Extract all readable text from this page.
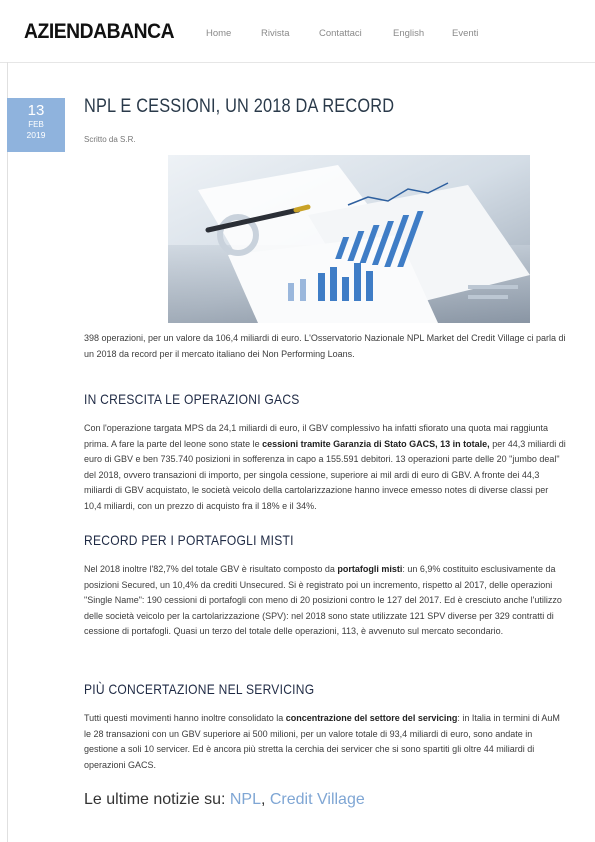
AZIENDABANCA	Home	Rivista	Contattaci	English	Eventi
13
FEB
2019
NPL E CESSIONI, UN 2018 DA RECORD
Scritto da S.R.

398 operazioni, per un valore da 106,4 miliardi di euro. L'Osservatorio Nazionale NPL Market del Credit Village ci parla di un 2018 da record per il mercato italiano dei Non Performing Loans.

IN CRESCITA LE OPERAZIONI GACS

Con l'operazione targata MPS da 24,1 miliardi di euro, il GBV complessivo ha infatti sfiorato una quota mai raggiunta prima. A fare la parte del leone sono state le cessioni tramite Garanzia di Stato GACS, 13 in totale, per 44,3 miliardi di euro di GBV e ben 735.740 posizioni in sofferenza in capo a 155.591 debitori. 13 operazioni parte delle 20 "jumbo deal" del 2018, ovvero transazioni di importo, per singola cessione, superiore ai mil ardi di euro di GBV. A fronte dei 44,3 miliardi di GBV acquistato, le società veicolo della cartolarizzazione hanno invece emesso notes di diverse classi per 10,4 miliardi, con un prezzo di acquisto fra il 18% e il 34%.

RECORD PER I PORTAFOGLI MISTI

Nel 2018 inoltre l'82,7% del totale GBV è risultato composto da portafogli misti: un 6,9% costituito esclusivamente da posizioni Secured, un 10,4% da crediti Unsecured. Si è registrato poi un incremento, rispetto al 2017, delle operazioni "Single Name": 190 cessioni di portafogli con meno di 20 posizioni contro le 127 del 2017. Ed è cresciuto anche l'utilizzo delle società veicolo per la cartolarizzazione (SPV): nel 2018 sono state utilizzate 121 SPV diverse per 329 contratti di cessione di portafogli. Quasi un terzo del totale delle operazioni, 113, è avvenuto sul mercato secondario.

PIÙ CONCERTAZIONE NEL SERVICING

Tutti questi movimenti hanno inoltre consolidato la concentrazione del settore del servicing: in Italia in termini di AuM le 28 transazioni con un GBV superiore ai 500 milioni, per un valore totale di 93,4 miliardi di euro, sono andate in gestione a soli 10 servicer. Ed è ancora più stretta la cerchia dei servicer che si sono spartiti gli oltre 44 miliardi di operazioni GACS.

Le ultime notizie su: NPL, Credit Village
